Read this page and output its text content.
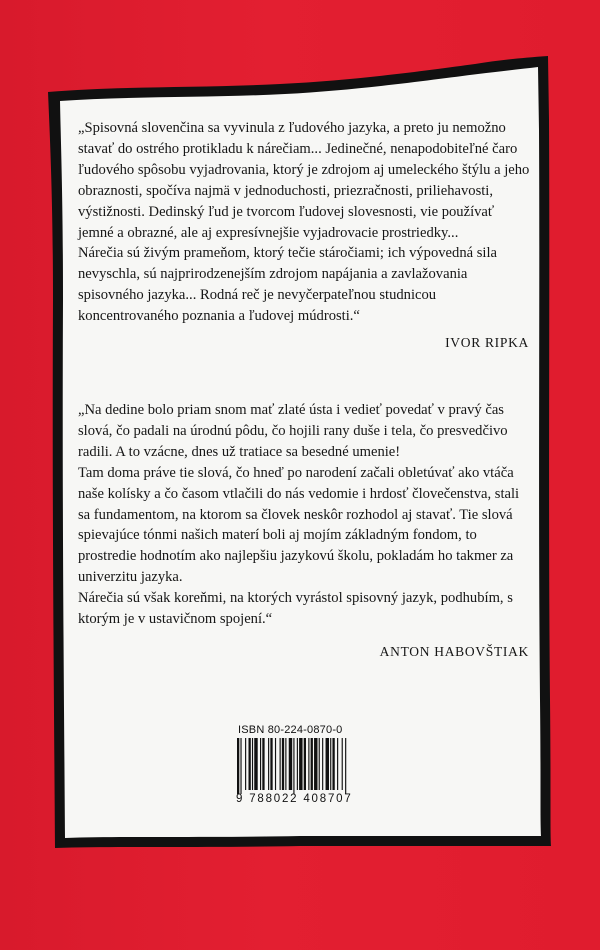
„Spisovná slovenčina sa vyvinula z ľudového jazyka, a preto ju nemožno stavať do ostrého protikladu k nárečiam... Jedinečné, nenapodobiteľné čaro ľudového spôsobu vyjadrovania, ktorý je zdrojom aj umeleckého štýlu a jeho obraznosti, spočíva najmä v jednoduchosti, priezračnosti, priliehavosti, výstižnosti. Dedinský ľud je tvorcom ľudovej slovesnosti, vie používať jemné a obrazné, ale aj expresívnejšie vyjadrovacie prostriedky...

Nárečia sú živým prameňom, ktorý tečie stáročiami; ich výpovedná sila nevyschla, sú najprirodzenejším zdrojom napájania a zavlažovania spisovného jazyka... Rodná reč je nevyčerpateľnou studnicou koncentrovaného poznania a ľudovej múdrosti.“

IVOR RIPKA

„Na dedine bolo priam snom mať zlaté ústa i vedieť povedať v pravý čas slová, čo padali na úrodnú pôdu, čo hojili rany duše i tela, čo presvedčivo radili. A to vzácne, dnes už tratiace sa besedné umenie!

Tam doma práve tie slová, čo hneď po narodení začali obletúvať ako vtáča naše kolísky a čo časom vtlačili do nás vedomie i hrdosť človečenstva, stali sa fundamentom, na ktorom sa človek neskôr rozhodol aj stavať. Tie slová spievajúce tónmi našich materí boli aj mojím základným fondom, to prostredie hodnotím ako najlepšiu jazykovú školu, pokladám ho takmer za univerzitu jazyka.

Nárečia sú však koreňmi, na ktorých vyrástol spisovný jazyk, podhubím, s ktorým je v ustavičnom spojení.“

ANTON HABOVŠTIAK
ISBN 80-224-0870-0
9 788022 408707
